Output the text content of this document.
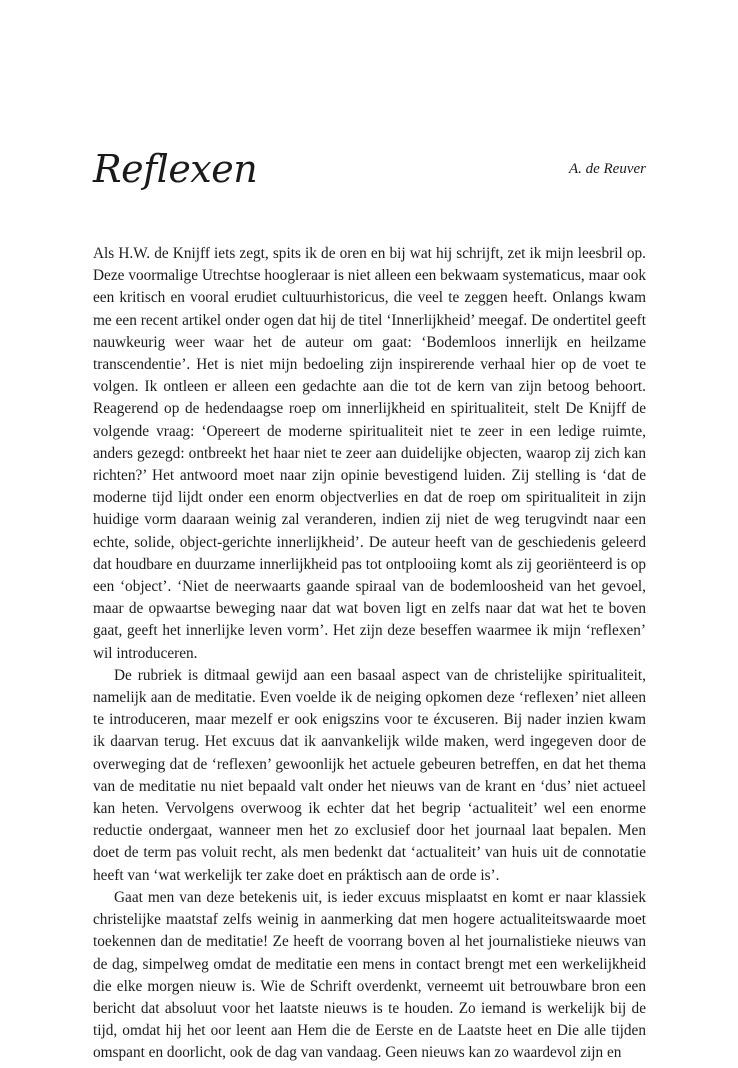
Reflexen	A. de Reuver

Als H.W. de Knijff iets zegt, spits ik de oren en bij wat hij schrijft, zet ik mijn leesbril op. Deze voormalige Utrechtse hoogleraar is niet alleen een bekwaam systematicus, maar ook een kritisch en vooral erudiet cultuurhistoricus, die veel te zeggen heeft. Onlangs kwam me een recent artikel onder ogen dat hij de titel ‘Innerlijkheid’ meegaf. De ondertitel geeft nauwkeurig weer waar het de auteur om gaat: ‘Bodemloos innerlijk en heilzame transcendentie’. Het is niet mijn bedoeling zijn inspirerende verhaal hier op de voet te volgen. Ik ontleen er alleen een gedachte aan die tot de kern van zijn betoog behoort. Reagerend op de hedendaagse roep om innerlijkheid en spiritualiteit, stelt De Knijff de volgende vraag: ‘Opereert de moderne spiritualiteit niet te zeer in een ledige ruimte, anders gezegd: ontbreekt het haar niet te zeer aan duidelijke objecten, waarop zij zich kan richten?’ Het antwoord moet naar zijn opinie bevestigend luiden. Zij stelling is ‘dat de moderne tijd lijdt onder een enorm objectverlies en dat de roep om spiritualiteit in zijn huidige vorm daaraan weinig zal veranderen, indien zij niet de weg terugvindt naar een echte, solide, object-gerichte innerlijkheid’. De auteur heeft van de geschiedenis geleerd dat houdbare en duurzame innerlijkheid pas tot ontplooiing komt als zij georiënteerd is op een ‘object’. ‘Niet de neerwaarts gaande spiraal van de bodemloosheid van het gevoel, maar de opwaartse beweging naar dat wat boven ligt en zelfs naar dat wat het te boven gaat, geeft het innerlijke leven vorm’. Het zijn deze beseffen waarmee ik mijn ‘reflexen’ wil introduceren.

De rubriek is ditmaal gewijd aan een basaal aspect van de christelijke spiritualiteit, namelijk aan de meditatie. Even voelde ik de neiging opkomen deze ‘reflexen’ niet alleen te introduceren, maar mezelf er ook enigszins voor te éxcuseren. Bij nader inzien kwam ik daarvan terug. Het excuus dat ik aanvankelijk wilde maken, werd ingegeven door de overweging dat de ‘reflexen’ gewoonlijk het actuele gebeuren betreffen, en dat het thema van de meditatie nu niet bepaald valt onder het nieuws van de krant en ‘dus’ niet actueel kan heten. Vervolgens overwoog ik echter dat het begrip ‘actualiteit’ wel een enorme reductie ondergaat, wanneer men het zo exclusief door het journaal laat bepalen. Men doet de term pas voluit recht, als men bedenkt dat ‘actualiteit’ van huis uit de connotatie heeft van ‘wat werkelijk ter zake doet en práktisch aan de orde is’.

Gaat men van deze betekenis uit, is ieder excuus misplaatst en komt er naar klassiek christelijke maatstaf zelfs weinig in aanmerking dat men hogere actualiteitswaarde moet toekennen dan de meditatie! Ze heeft de voorrang boven al het journalistieke nieuws van de dag, simpelweg omdat de meditatie een mens in contact brengt met een werkelijkheid die elke morgen nieuw is. Wie de Schrift overdenkt, verneemt uit betrouwbare bron een bericht dat absoluut voor het laatste nieuws is te houden. Zo iemand is werkelijk bij de tijd, omdat hij het oor leent aan Hem die de Eerste en de Laatste heet en Die alle tijden omspant en doorlicht, ook de dag van vandaag. Geen nieuws kan zo waardevol zijn en
